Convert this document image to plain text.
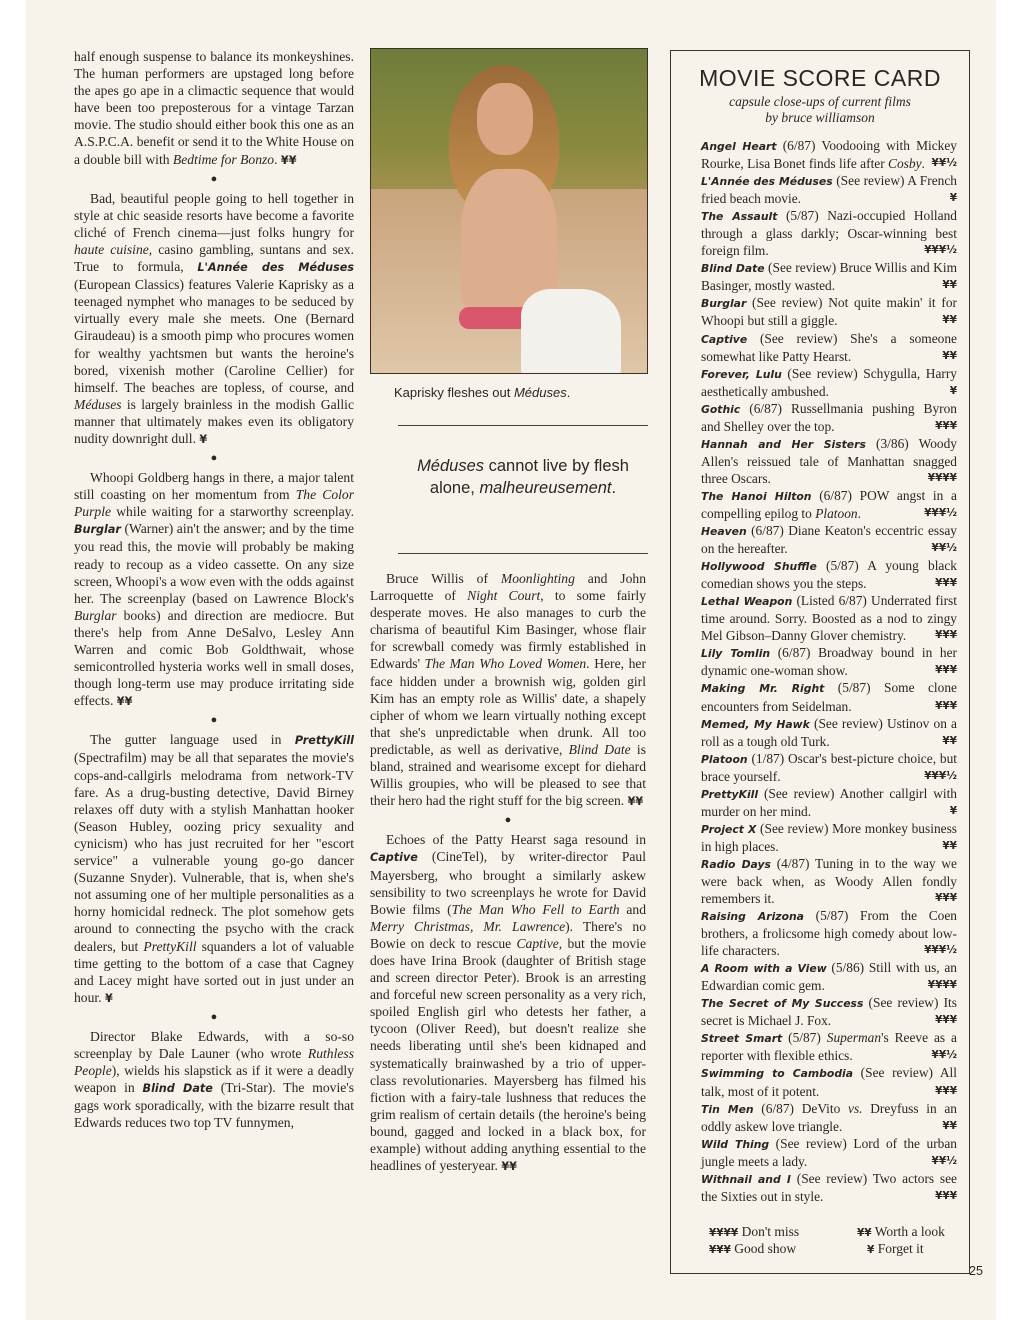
half enough suspense to balance its monkeyshines. The human performers are upstaged long before the apes go ape in a climactic sequence that would have been too preposterous for a vintage Tarzan movie. The studio should either book this one as an A.S.P.C.A. benefit or send it to the White House on a double bill with Bedtime for Bonzo. ¥¥

●

Bad, beautiful people going to hell together in style at chic seaside resorts have become a favorite cliché of French cinema—just folks hungry for haute cuisine, casino gambling, suntans and sex. True to formula, L'Année des Méduses (European Classics) features Valerie Kaprisky as a teenaged nymphet who manages to be seduced by virtually every male she meets. One (Bernard Giraudeau) is a smooth pimp who procures women for wealthy yachtsmen but wants the heroine's bored, vixenish mother (Caroline Cellier) for himself. The beaches are topless, of course, and Méduses is largely brainless in the modish Gallic manner that ultimately makes even its obligatory nudity downright dull. ¥

●

Whoopi Goldberg hangs in there, a major talent still coasting on her momentum from The Color Purple while waiting for a starworthy screenplay. Burglar (Warner) ain't the answer; and by the time you read this, the movie will probably be making ready to recoup as a video cassette. On any size screen, Whoopi's a wow even with the odds against her. The screenplay (based on Lawrence Block's Burglar books) and direction are mediocre. But there's help from Anne DeSalvo, Lesley Ann Warren and comic Bob Goldthwait, whose semicontrolled hysteria works well in small doses, though long-term use may produce irritating side effects. ¥¥

●

The gutter language used in PrettyKill (Spectrafilm) may be all that separates the movie's cops-and-callgirls melodrama from network-TV fare. As a drug-busting detective, David Birney relaxes off duty with a stylish Manhattan hooker (Season Hubley, oozing pricy sexuality and cynicism) who has just recruited for her "escort service" a vulnerable young go-go dancer (Suzanne Snyder). Vulnerable, that is, when she's not assuming one of her multiple personalities as a horny homicidal redneck. The plot somehow gets around to connecting the psycho with the crack dealers, but PrettyKill squanders a lot of valuable time getting to the bottom of a case that Cagney and Lacey might have sorted out in just under an hour. ¥

●

Director Blake Edwards, with a so-so screenplay by Dale Launer (who wrote Ruthless People), wields his slapstick as if it were a deadly weapon in Blind Date (Tri-Star). The movie's gags work sporadically, with the bizarre result that Edwards reduces two top TV funnymen,

Kaprisky fleshes out Méduses.
Méduses cannot live by flesh alone, malheureusement.

Bruce Willis of Moonlighting and John Larroquette of Night Court, to some fairly desperate moves. He also manages to curb the charisma of beautiful Kim Basinger, whose flair for screwball comedy was firmly established in Edwards' The Man Who Loved Women. Here, her face hidden under a brownish wig, golden girl Kim has an empty role as Willis' date, a shapely cipher of whom we learn virtually nothing except that she's unpredictable when drunk. All too predictable, as well as derivative, Blind Date is bland, strained and wearisome except for diehard Willis groupies, who will be pleased to see that their hero had the right stuff for the big screen. ¥¥

●

Echoes of the Patty Hearst saga resound in Captive (CineTel), by writer-director Paul Mayersberg, who brought a similarly askew sensibility to two screenplays he wrote for David Bowie films (The Man Who Fell to Earth and Merry Christmas, Mr. Lawrence). There's no Bowie on deck to rescue Captive, but the movie does have Irina Brook (daughter of British stage and screen director Peter). Brook is an arresting and forceful new screen personality as a very rich, spoiled English girl who detests her father, a tycoon (Oliver Reed), but doesn't realize she needs liberating until she's been kidnaped and systematically brainwashed by a trio of upper-class revolutionaries. Mayersberg has filmed his fiction with a fairy-tale lushness that reduces the grim realism of certain details (the heroine's being bound, gagged and locked in a black box, for example) without adding anything essential to the headlines of yesteryear. ¥¥

MOVIE SCORE CARD
capsule close-ups of current films
by bruce williamson

Angel Heart (6/87) Voodooing with Mickey Rourke, Lisa Bonet finds life after Cosby. ¥¥½

L'Année des Méduses (See review) A French fried beach movie.	¥

The Assault (5/87) Nazi-occupied Holland through a glass darkly; Oscar-winning best foreign film.	¥¥¥½

Blind Date (See review) Bruce Willis and Kim Basinger, mostly wasted.	¥¥

Burglar (See review) Not quite makin' it for Whoopi but still a giggle.	¥¥

Captive (See review) She's a someone somewhat like Patty Hearst.	¥¥

Forever, Lulu (See review) Schygulla, Harry aesthetically ambushed.	¥

Gothic (6/87) Russellmania pushing Byron and Shelley over the top.	¥¥¥

Hannah and Her Sisters (3/86) Woody Allen's reissued tale of Manhattan snagged three Oscars.	¥¥¥¥

The Hanoi Hilton (6/87) POW angst in a compelling epilog to Platoon.	¥¥¥½

Heaven (6/87) Diane Keaton's eccentric essay on the hereafter.	¥¥½

Hollywood Shuffle (5/87) A young black comedian shows you the steps.	¥¥¥

Lethal Weapon (Listed 6/87) Underrated first time around. Sorry. Boosted as a nod to zingy Mel Gibson–Danny Glover chemistry.	¥¥¥

Lily Tomlin (6/87) Broadway bound in her dynamic one-woman show.	¥¥¥

Making Mr. Right (5/87) Some clone encounters from Seidelman.	¥¥¥

Memed, My Hawk (See review) Ustinov on a roll as a tough old Turk.	¥¥

Platoon (1/87) Oscar's best-picture choice, but brace yourself.	¥¥¥½

PrettyKill (See review) Another callgirl with murder on her mind.	¥

Project X (See review) More monkey business in high places.	¥¥

Radio Days (4/87) Tuning in to the way we were back when, as Woody Allen fondly remembers it.	¥¥¥

Raising Arizona (5/87) From the Coen brothers, a frolicsome high comedy about low-life characters.	¥¥¥½

A Room with a View (5/86) Still with us, an Edwardian comic gem.	¥¥¥¥

The Secret of My Success (See review) Its secret is Michael J. Fox.	¥¥¥

Street Smart (5/87) Superman's Reeve as a reporter with flexible ethics.	¥¥½

Swimming to Cambodia (See review) All talk, most of it potent.	¥¥¥

Tin Men (6/87) DeVito vs. Dreyfuss in an oddly askew love triangle.	¥¥

Wild Thing (See review) Lord of the urban jungle meets a lady.	¥¥½

Withnail and I (See review) Two actors see the Sixties out in style.	¥¥¥

¥¥¥¥ Don't miss
¥¥¥ Good show
¥¥ Worth a look
¥ Forget it
25
